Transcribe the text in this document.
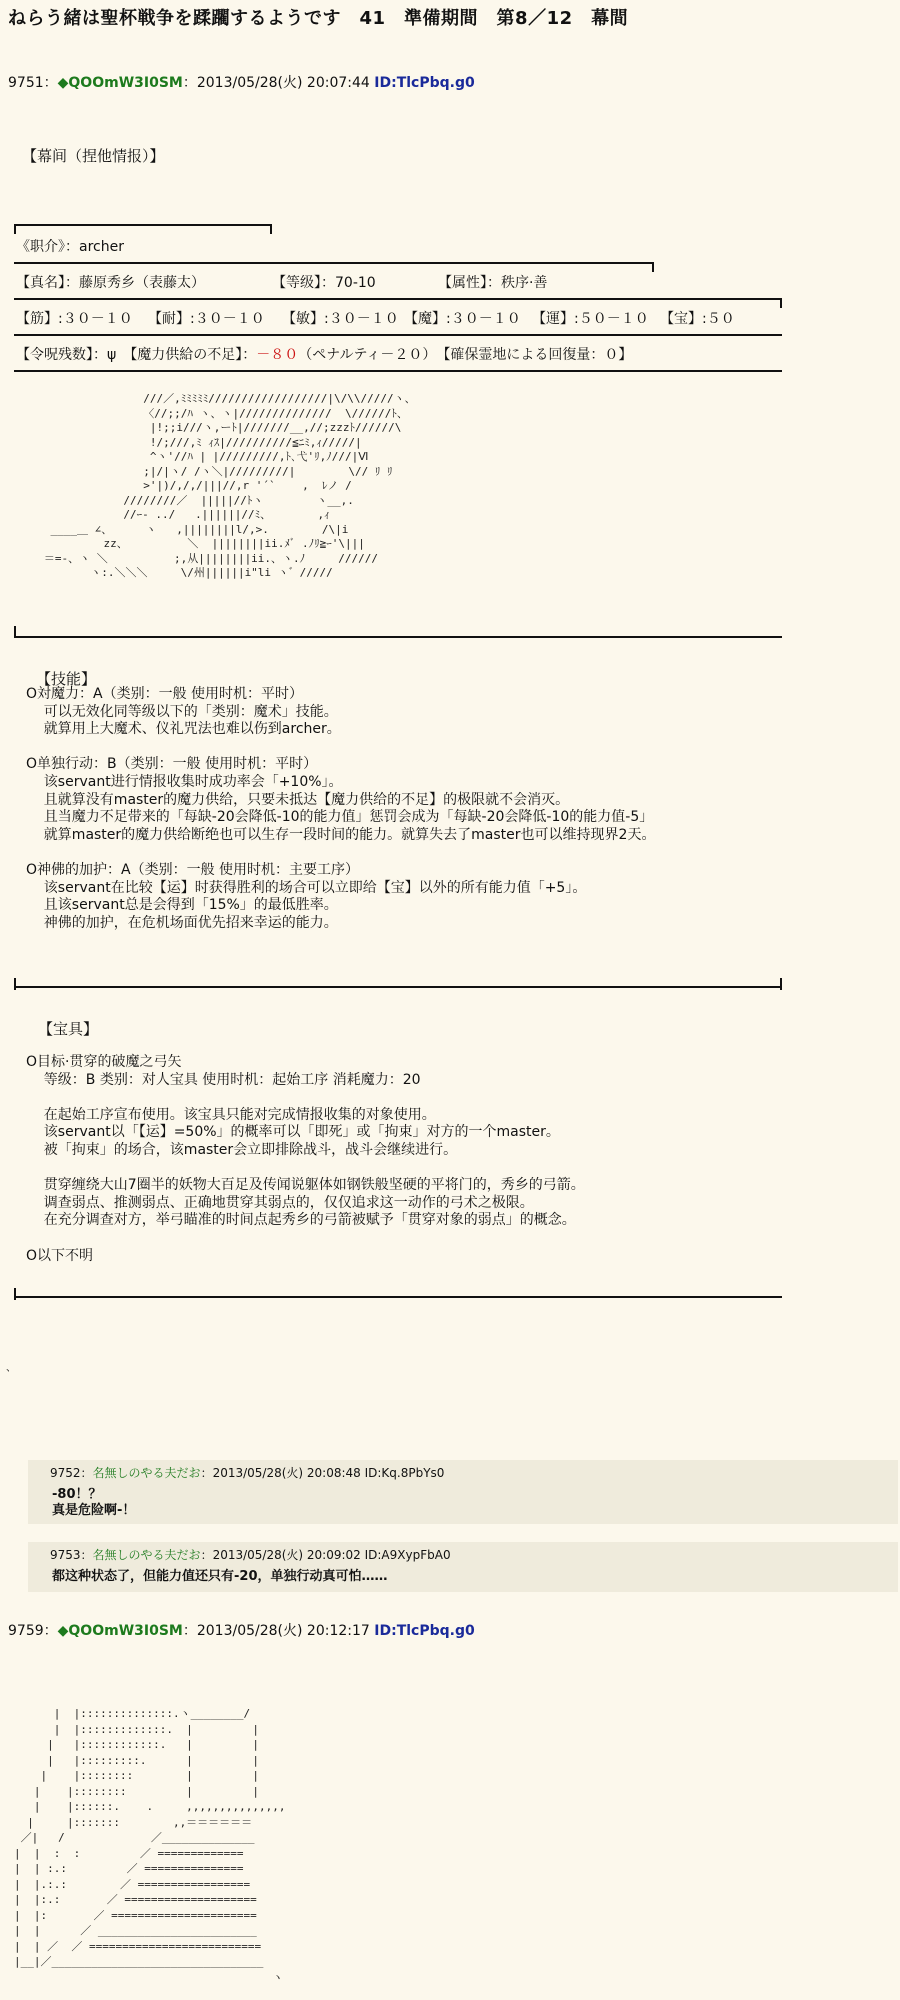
ねらう緒は聖杯戦争を蹂躙するようです　41　準備期間　第8／12　幕間
9751：◆QOOmW3I0SM：2013/05/28(火) 20:07:44 ID:TlcPbq.g0
【幕间（捏他情报）】
《职介》：archer
【真名】：藤原秀乡（表藤太）	【等级】：70-10	【属性】：秩序·善
【筋】:３０－１０ 【耐】:３０－１０ 【敏】:３０－１０ 【魔】:３０－１０ 【運】:５０－１０ 【宝】:５０
【令呪残数】：ψ　【魔力供給の不足】：－８０（ペナルティ－２０）　【確保霊地による回復量：０】
///／,ﾐﾐﾐﾐﾐ//////////////////|\/\\/////ヽ、
〈//;;/ﾊ ヽ、ヽ|//////////////  \//////ﾄ、
|!;;i///ヽ,ーﾄ|///////__,//;zzzﾄ//////\
!/;///,ﾐ ｨｽ|//////////≦ﾆﾐ,ｨ/////|
^ヽ'//ﾊ | |/////////,ﾄ､弋'ﾘ,ﾉ///|Ⅵ
;|/|ヽ/ /ヽ＼|/////////|        \// ﾘ ﾘ
>'|)/,/,/|||//,r '´`    ,  ﾚノ /
////////／  |||||//ﾄヽ        ヽ__,.
//ｰ- ../   .||||||//ﾐ、       ,ｨ
____＿ ∠、     ヽ   ,||||||||l/,>.        /\|i
zz、         ＼  ||||||||ii.ﾒﾞ .ﾉﾘ≧ｰ'\|||
＝=-、ヽ ＼          ;,从||||||||ii.、ヽ.ﾉ     //////
ヽ:.＼＼＼     \/州||||||i"li ヽ゛/////
【技能】
O対魔力：A（类别：一般 使用时机：平时）
可以无效化同等级以下的「类别：魔术」技能。
就算用上大魔术、仪礼咒法也难以伤到archer。

O单独行动：B（类别：一般 使用时机：平时）
该servant进行情报收集时成功率会「+10%」。
且就算没有master的魔力供给，只要未抵达【魔力供给的不足】的极限就不会消灭。
且当魔力不足带来的「每缺-20会降低-10的能力值」惩罚会成为「每缺-20会降低-10的能力值-5」
就算master的魔力供给断绝也可以生存一段时间的能力。就算失去了master也可以维持现界2天。

O神佛的加护：A（类别：一般 使用时机：主要工序）
该servant在比较【运】时获得胜利的场合可以立即给【宝】以外的所有能力值「+5」。
且该servant总是会得到「15%」的最低胜率。
神佛的加护，在危机场面优先招来幸运的能力。
【宝具】
O目标·贯穿的破魔之弓矢
等级：B 类别：对人宝具 使用时机：起始工序 消耗魔力：20

在起始工序宣布使用。该宝具只能对完成情报收集的对象使用。
该servant以「【运】=50%」的概率可以「即死」或「拘束」对方的一个master。
被「拘束」的场合，该master会立即排除战斗，战斗会继续进行。

贯穿缠绕大山7圈半的妖物大百足及传闻说躯体如钢铁般坚硬的平将门的，秀乡的弓箭。
调查弱点、推测弱点、正确地贯穿其弱点的，仅仅追求这一动作的弓术之极限。
在充分调查对方，举弓瞄准的时间点起秀乡的弓箭被赋予「贯穿对象的弱点」的概念。

O以下不明
、
9752：名無しのやる夫だお：2013/05/28(火) 20:08:48 ID:Kq.8PbYs0
-80！？
真是危险啊-！
9753：名無しのやる夫だお：2013/05/28(火) 20:09:02 ID:A9XypFbA0
都这种状态了，但能力值还只有-20，单独行动真可怕……
9759：◆QOOmW3I0SM：2013/05/28(火) 20:12:17 ID:TlcPbq.g0
|  |::::::::::::::.ヽ________/
|  |:::::::::::::.  |         |
|   |::::::::::::.   |         |
|   |:::::::::.      |         |
|    |::::::::        |         |
|    |::::::::         |         |
|    |::::::.    .     ,,,,,,,,,,,,,,,
|     |:::::::        ,,＝＝＝＝＝＝
／|   /             ／______________
|  |  :  :         ／ =============
|  | :.:         ／ ===============
|  |.:.:        ／ =================
|  |:.:       ／ ====================
|  |:       ／ ======================
|  |      ／ ________________________
|  | ／  ／ ==========================
|__|／________________________________
ヽ
